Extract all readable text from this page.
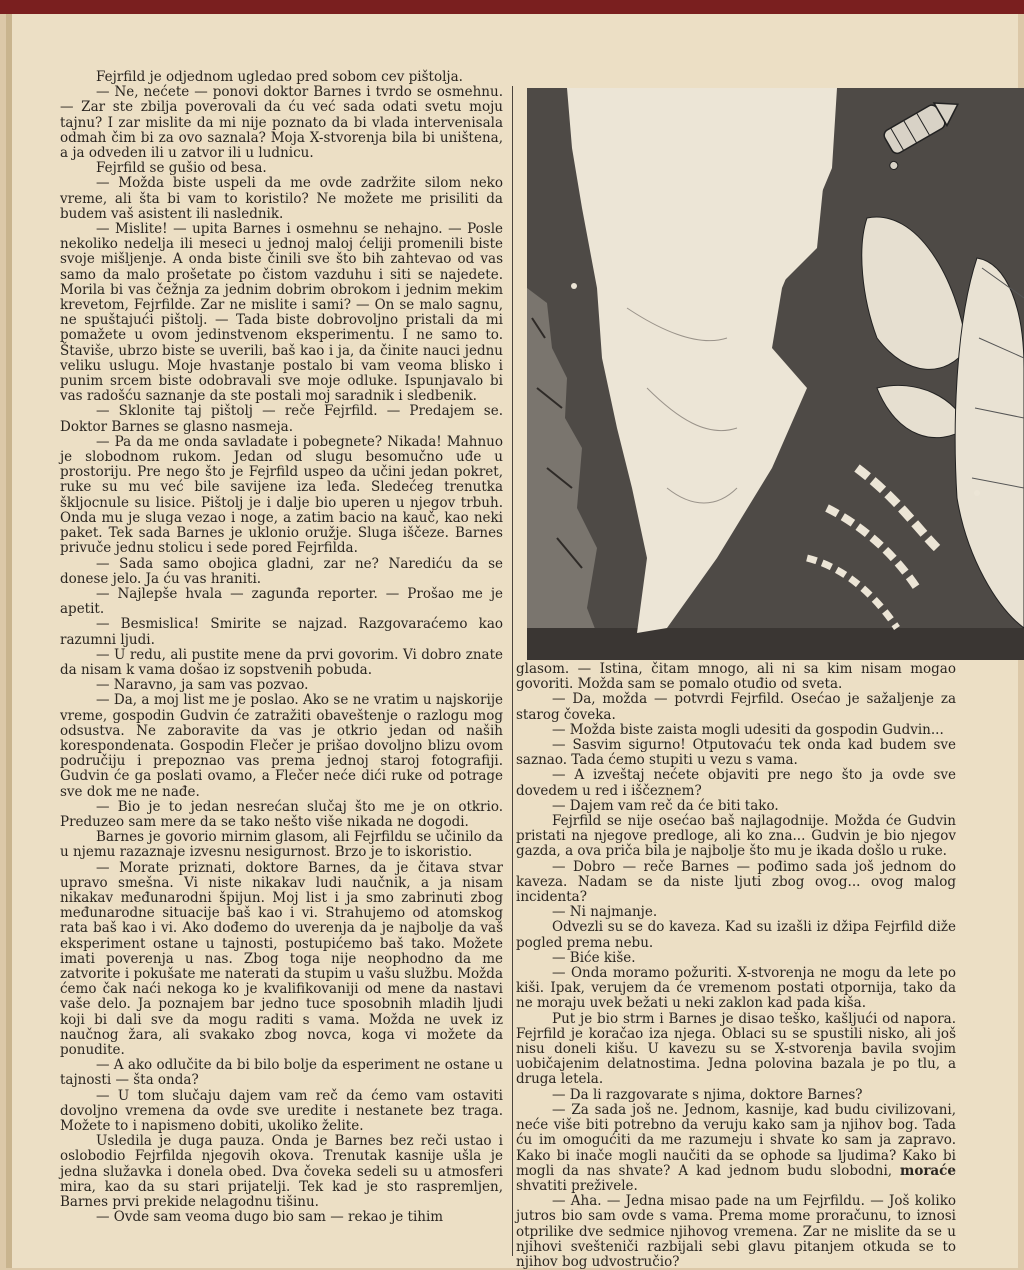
Fejrfild je odjednom ugledao pred sobom cev pištolja.

— Ne, nećete — ponovi doktor Barnes i tvrdo se osmehnu. — Zar ste zbilja poverovali da ću već sada odati svetu moju tajnu? I zar mislite da mi nije poznato da bi vlada intervenisala odmah čim bi za ovo saznala? Moja X-stvorenja bila bi uništena, a ja odveden ili u zatvor ili u ludnicu.

Fejrfild se gušio od besa.

— Možda biste uspeli da me ovde zadržite silom neko vreme, ali šta bi vam to koristilo? Ne možete me prisiliti da budem vaš asistent ili naslednik.

— Mislite! — upita Barnes i osmehnu se nehajno. — Posle nekoliko nedelja ili meseci u jednoj maloj ćeliji promenili biste svoje mišljenje. A onda biste činili sve što bih zahtevao od vas samo da malo prošetate po čistom vazduhu i siti se najedete. Morila bi vas čežnja za jednim dobrim obrokom i jednim mekim krevetom, Fejrfilde. Zar ne mislite i sami? — On se malo sagnu, ne spuštajući pištolj. — Tada biste dobrovoljno pristali da mi pomažete u ovom jedinstvenom eksperimentu. I ne samo to. Štaviše, ubrzo biste se uverili, baš kao i ja, da činite nauci jednu veliku uslugu. Moje hvastanje postalo bi vam veoma blisko i punim srcem biste odobravali sve moje odluke. Ispunjavalo bi vas radošću saznanje da ste postali moj saradnik i sledbenik.

— Sklonite taj pištolj — reče Fejrfild. — Predajem se. Doktor Barnes se glasno nasmeja.

— Pa da me onda savladate i pobegnete? Nikada! Mahnuo je slobodnom rukom. Jedan od slugu besomučno uđe u prostoriju. Pre nego što je Fejrfild uspeo da učini jedan pokret, ruke su mu već bile savijene iza leđa. Sledećeg trenutka škljocnule su lisice. Pištolj je i dalje bio uperen u njegov trbuh. Onda mu je sluga vezao i noge, a zatim bacio na kauč, kao neki paket. Tek sada Barnes je uklonio oružje. Sluga iščeze. Barnes privuče jednu stolicu i sede pored Fejrfilda.

— Sada samo obojica gladni, zar ne? Narediću da se donese jelo. Ja ću vas hraniti.

— Najlepše hvala — zagunđa reporter. — Prošao me je apetit.

— Besmislica! Smirite se najzad. Razgovaraćemo kao razumni ljudi.

— U redu, ali pustite mene da prvi govorim. Vi dobro znate da nisam k vama došao iz sopstvenih pobuda.

— Naravno, ja sam vas pozvao.

— Da, a moj list me je poslao. Ako se ne vratim u najskorije vreme, gospodin Gudvin će zatražiti obaveštenje o razlogu mog odsustva. Ne zaboravite da vas je otkrio jedan od naših korespondenata. Gospodin Flečer je prišao dovoljno blizu ovom područiju i prepoznao vas prema jednoj staroj fotografiji. Gudvin će ga poslati ovamo, a Flečer neće dići ruke od potrage sve dok me ne nađe.

— Bio je to jedan nesrećan slučaj što me je on otkrio. Preduzeo sam mere da se tako nešto više nikada ne dogodi.

Barnes je govorio mirnim glasom, ali Fejrfildu se učinilo da u njemu razaznaje izvesnu nesigurnost. Brzo je to iskoristio.

— Morate priznati, doktore Barnes, da je čitava stvar upravo smešna. Vi niste nikakav ludi naučnik, a ja nisam nikakav međunarodni špijun. Moj list i ja smo zabrinuti zbog međunarodne situacije baš kao i vi. Strahujemo od atomskog rata baš kao i vi. Ako dođemo do uverenja da je najbolje da vaš eksperiment ostane u tajnosti, postupićemo baš tako. Možete imati poverenja u nas. Zbog toga nije neophodno da me zatvorite i pokušate me naterati da stupim u vašu službu. Možda ćemo čak naći nekoga ko je kvalifikovaniji od mene da nastavi vaše delo. Ja poznajem bar jedno tuce sposobnih mladih ljudi koji bi dali sve da mogu raditi s vama. Možda ne uvek iz naučnog žara, ali svakako zbog novca, koga vi možete da ponudite.

— A ako odlučite da bi bilo bolje da esperiment ne ostane u tajnosti — šta onda?

— U tom slučaju dajem vam reč da ćemo vam ostaviti dovoljno vremena da ovde sve uredite i nestanete bez traga. Možete to i napismeno dobiti, ukoliko želite.

Usledila je duga pauza. Onda je Barnes bez reči ustao i oslobodio Fejrfilda njegovih okova. Trenutak kasnije ušla je jedna služavka i donela obed. Dva čoveka sedeli su u atmosferi mira, kao da su stari prijatelji. Tek kad je sto raspremljen, Barnes prvi prekide nelagodnu tišinu.

— Ovde sam veoma dugo bio sam — rekao je tihim

glasom. — Istina, čitam mnogo, ali ni sa kim nisam mogao govoriti. Možda sam se pomalo otuđio od sveta.

— Da, možda — potvrdi Fejrfild. Osećao je sažaljenje za starog čoveka.

— Možda biste zaista mogli udesiti da gospodin Gudvin...

— Sasvim sigurno! Otputovaću tek onda kad budem sve saznao. Tada ćemo stupiti u vezu s vama.

— A izveštaj nećete objaviti pre nego što ja ovde sve dovedem u red i iščeznem?

— Dajem vam reč da će biti tako.

Fejrfild se nije osećao baš najlagodnije. Možda će Gudvin pristati na njegove predloge, ali ko zna... Gudvin je bio njegov gazda, a ova priča bila je najbolje što mu je ikada došlo u ruke.

— Dobro — reče Barnes — pođimo sada još jednom do kaveza. Nadam se da niste ljuti zbog ovog... ovog malog incidenta?

— Ni najmanje.

Odvezli su se do kaveza. Kad su izašli iz džipa Fejrfild diže pogled prema nebu.

— Biće kiše.

— Onda moramo požuriti. X-stvorenja ne mogu da lete po kiši. Ipak, verujem da će vremenom postati otpornija, tako da ne moraju uvek bežati u neki zaklon kad pada kiša.

Put je bio strm i Barnes je disao teško, kašljući od napora. Fejrfild je koračao iza njega. Oblaci su se spustili nisko, ali još nisu doneli kišu. U kavezu su se X-stvorenja bavila svojim uobičajenim delatnostima. Jedna polovina bazala je po tlu, a druga letela.

— Da li razgovarate s njima, doktore Barnes?

— Za sada još ne. Jednom, kasnije, kad budu civilizovani, neće više biti potrebno da veruju kako sam ja njihov bog. Tada ću im omogućiti da me razumeju i shvate ko sam ja zapravo. Kako bi inače mogli naučiti da se ophode sa ljudima? Kako bi mogli da nas shvate? A kad jednom budu slobodni, moraće shvatiti preživele.

— Aha. — Jedna misao pade na um Fejrfildu. — Još koliko jutros bio sam ovde s vama. Prema mome proračunu, to iznosi otprilike dve sedmice njihovog vremena. Zar ne mislite da se u njihovi svešteniči razbijali sebi glavu pitanjem otkuda se to njihov bog udvostručio?
